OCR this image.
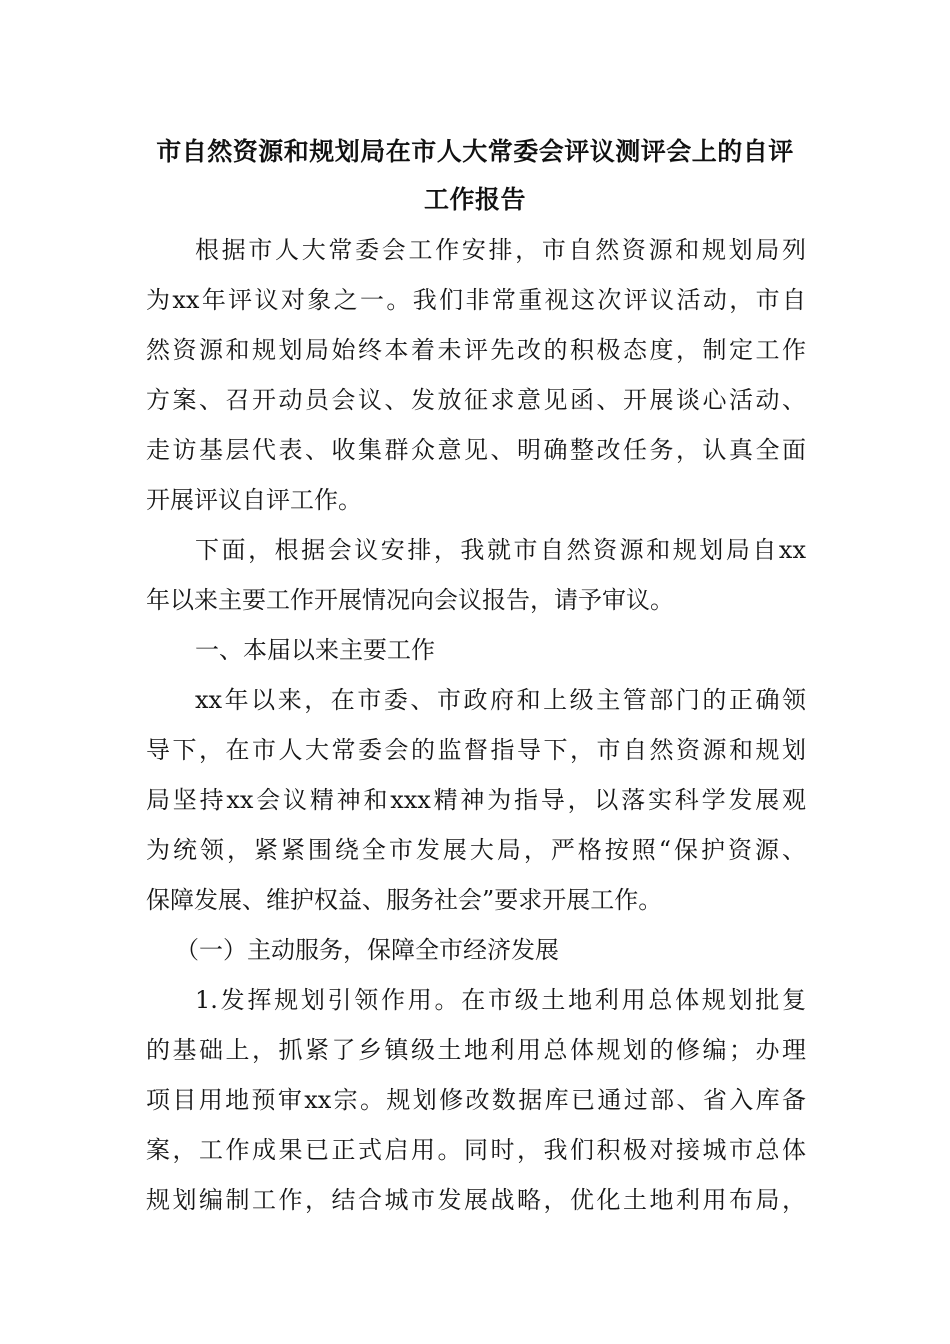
市自然资源和规划局在市人大常委会评议测评会上的自评
工作报告
根据市人大常委会工作安排，市自然资源和规划局列
为xx年评议对象之一。我们非常重视这次评议活动，市自
然资源和规划局始终本着未评先改的积极态度，制定工作
方案、召开动员会议、发放征求意见函、开展谈心活动、
走访基层代表、收集群众意见、明确整改任务，认真全面
开展评议自评工作。
下面，根据会议安排，我就市自然资源和规划局自xx
年以来主要工作开展情况向会议报告，请予审议。
一、本届以来主要工作
xx年以来，在市委、市政府和上级主管部门的正确领
导下，在市人大常委会的监督指导下，市自然资源和规划
局坚持xx会议精神和xxx精神为指导，以落实科学发展观
为统领，紧紧围绕全市发展大局，严格按照“保护资源、
保障发展、维护权益、服务社会”要求开展工作。
（一）主动服务，保障全市经济发展
1.发挥规划引领作用。在市级土地利用总体规划批复
的基础上，抓紧了乡镇级土地利用总体规划的修编；办理
项目用地预审xx宗。规划修改数据库已通过部、省入库备
案，工作成果已正式启用。同时，我们积极对接城市总体
规划编制工作，结合城市发展战略，优化土地利用布局，
